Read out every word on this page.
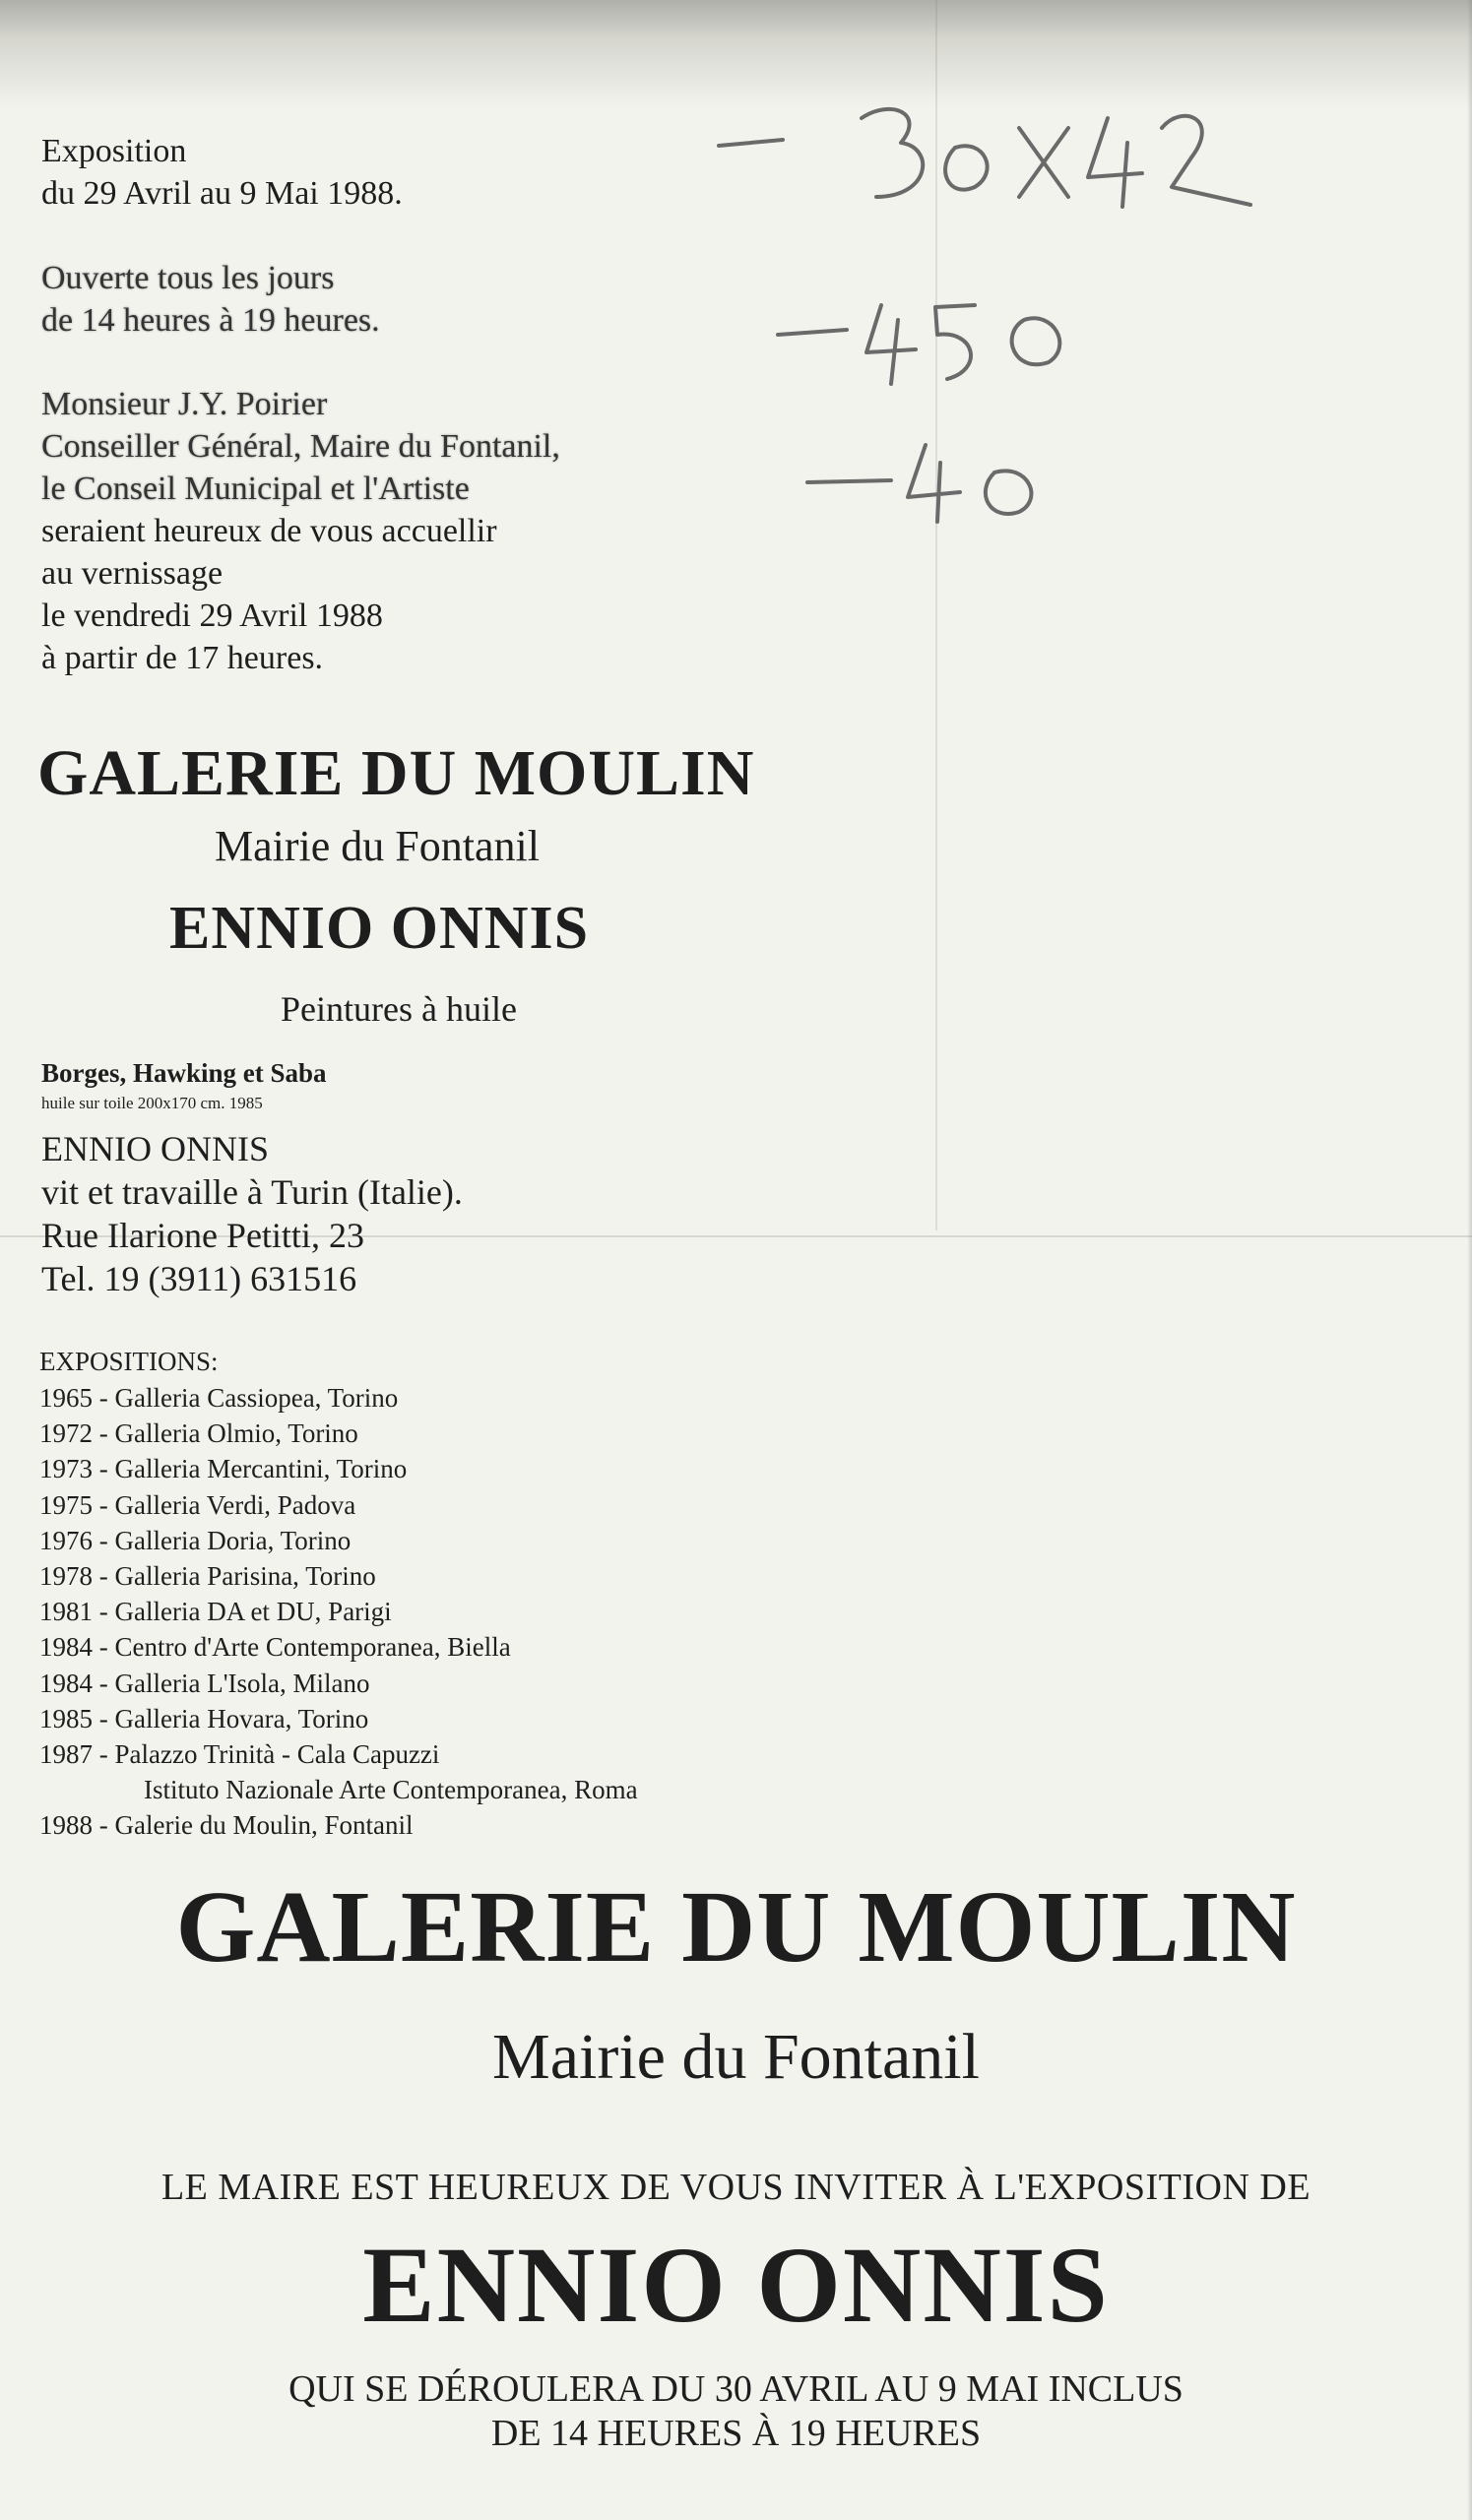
Exposition
du 29 Avril au 9 Mai 1988.
Ouverte tous les jours
de 14 heures à 19 heures.
Monsieur J.Y. Poirier
Conseiller Général, Maire du Fontanil,
le Conseil Municipal et l'Artiste
seraient heureux de vous accuellir
au vernissage
le vendredi 29 Avril 1988
à partir de 17 heures.
GALERIE DU MOULIN
Mairie du Fontanil
ENNIO ONNIS
Peintures à huile
Borges, Hawking et Saba
huile sur toile 200x170 cm. 1985
ENNIO ONNIS
vit et travaille à Turin (Italie).
Rue Ilarione Petitti, 23
Tel. 19 (3911) 631516
EXPOSITIONS:
1965 - Galleria Cassiopea, Torino
1972 - Galleria Olmio, Torino
1973 - Galleria Mercantini, Torino
1975 - Galleria Verdi, Padova
1976 - Galleria Doria, Torino
1978 - Galleria Parisina, Torino
1981 - Galleria DA et DU, Parigi
1984 - Centro d'Arte Contemporanea, Biella
1984 - Galleria L'Isola, Milano
1985 - Galleria Hovara, Torino
1987 - Palazzo Trinità - Cala Capuzzi
Istituto Nazionale Arte Contemporanea, Roma
1988 - Galerie du Moulin, Fontanil
GALERIE DU MOULIN
Mairie du Fontanil
LE MAIRE EST HEUREUX DE VOUS INVITER À L'EXPOSITION DE
ENNIO ONNIS
QUI SE DÉROULERA DU 30 AVRIL AU 9 MAI INCLUS
DE 14 HEURES À 19 HEURES
